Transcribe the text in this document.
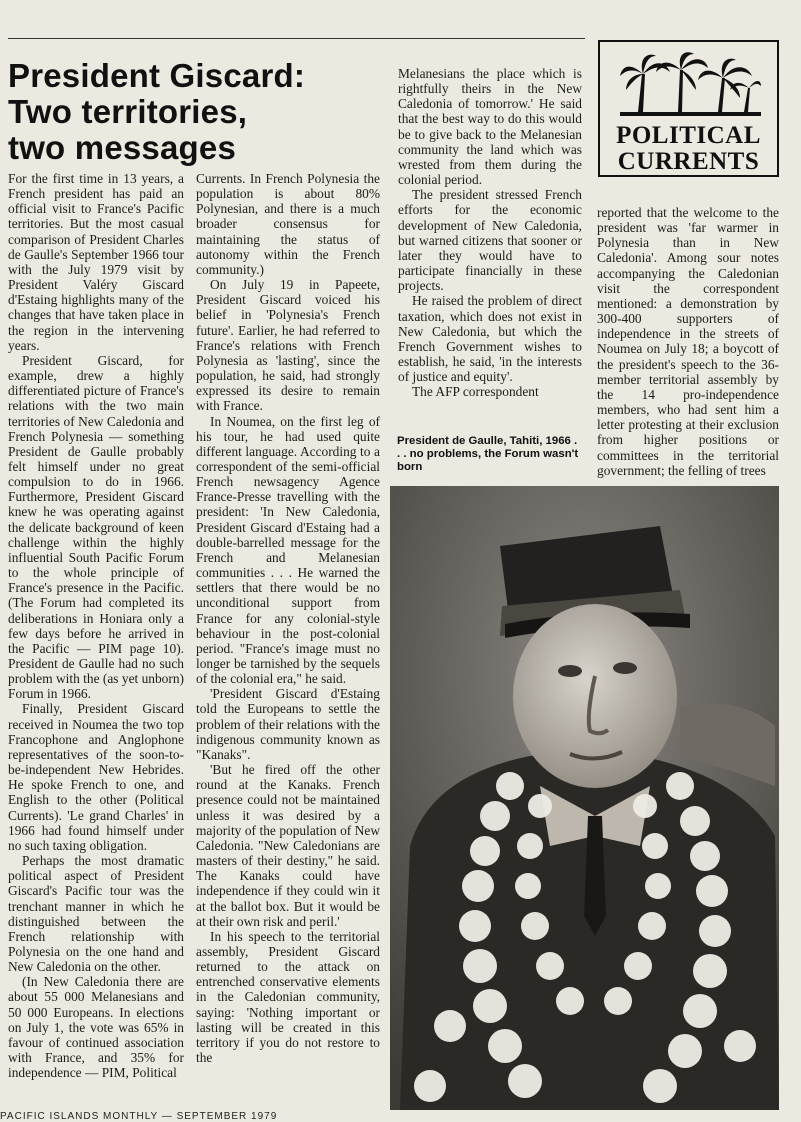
President Giscard:
Two territories,
two messages

For the first time in 13 years, a French president has paid an official visit to France's Pacific territories. But the most casual comparison of President Charles de Gaulle's September 1966 tour with the July 1979 visit by President Valéry Giscard d'Estaing highlights many of the changes that have taken place in the region in the intervening years.

President Giscard, for example, drew a highly differentiated picture of France's relations with the two main territories of New Caledonia and French Polynesia — something President de Gaulle probably felt himself under no great compulsion to do in 1966. Furthermore, President Giscard knew he was operating against the delicate background of keen challenge within the highly influential South Pacific Forum to the whole principle of France's presence in the Pacific. (The Forum had completed its deliberations in Honiara only a few days before he arrived in the Pacific — PIM page 10). President de Gaulle had no such problem with the (as yet unborn) Forum in 1966.

Finally, President Giscard received in Noumea the two top Francophone and Anglophone representatives of the soon-to-be-independent New Hebrides. He spoke French to one, and English to the other (Political Currents). 'Le grand Charles' in 1966 had found himself under no such taxing obligation.

Perhaps the most dramatic political aspect of President Giscard's Pacific tour was the trenchant manner in which he distinguished between the French relationship with Polynesia on the one hand and New Caledonia on the other.

(In New Caledonia there are about 55 000 Melanesians and 50 000 Europeans. In elections on July 1, the vote was 65% in favour of continued association with France, and 35% for independence — PIM, Political

Currents. In French Polynesia the population is about 80% Polynesian, and there is a much broader consensus for maintaining the status of autonomy within the French community.)

On July 19 in Papeete, President Giscard voiced his belief in 'Polynesia's French future'. Earlier, he had referred to France's relations with French Polynesia as 'lasting', since the population, he said, had strongly expressed its desire to remain with France.

In Noumea, on the first leg of his tour, he had used quite different language. According to a correspondent of the semi-official French newsagency Agence France-Presse travelling with the president: 'In New Caledonia, President Giscard d'Estaing had a double-barrelled message for the French and Melanesian communities . . . He warned the settlers that there would be no unconditional support from France for any colonial-style behaviour in the post-colonial period. "France's image must no longer be tarnished by the sequels of the colonial era," he said.

'President Giscard d'Estaing told the Europeans to settle the problem of their relations with the indigenous community known as "Kanaks".

'But he fired off the other round at the Kanaks. French presence could not be maintained unless it was desired by a majority of the population of New Caledonia. "New Caledonians are masters of their destiny," he said. The Kanaks could have independence if they could win it at the ballot box. But it would be at their own risk and peril.'

In his speech to the territorial assembly, President Giscard returned to the attack on entrenched conservative elements in the Caledonian community, saying: 'Nothing important or lasting will be created in this territory if you do not restore to the

Melanesians the place which is rightfully theirs in the New Caledonia of tomorrow.' He said that the best way to do this would be to give back to the Melanesian community the land which was wrested from them during the colonial period.

The president stressed French efforts for the economic development of New Caledonia, but warned citizens that sooner or later they would have to participate financially in these projects.

He raised the problem of direct taxation, which does not exist in New Caledonia, but which the French Government wishes to establish, he said, 'in the interests of justice and equity'.

The AFP correspondent

reported that the welcome to the president was 'far warmer in Polynesia than in New Caledonia'. Among sour notes accompanying the Caledonian visit the correspondent mentioned: a demonstration by 300-400 supporters of independence in the streets of Noumea on July 18; a boycott of the president's speech to the 36-member territorial assembly by the 14 pro-independence members, who had sent him a letter protesting at their exclusion from higher positions or committees in the territorial government; the felling of trees

POLITICAL
CURRENTS
President de Gaulle, Tahiti, 1966 . . . no problems, the Forum wasn't born
PACIFIC ISLANDS MONTHLY — SEPTEMBER 1979
